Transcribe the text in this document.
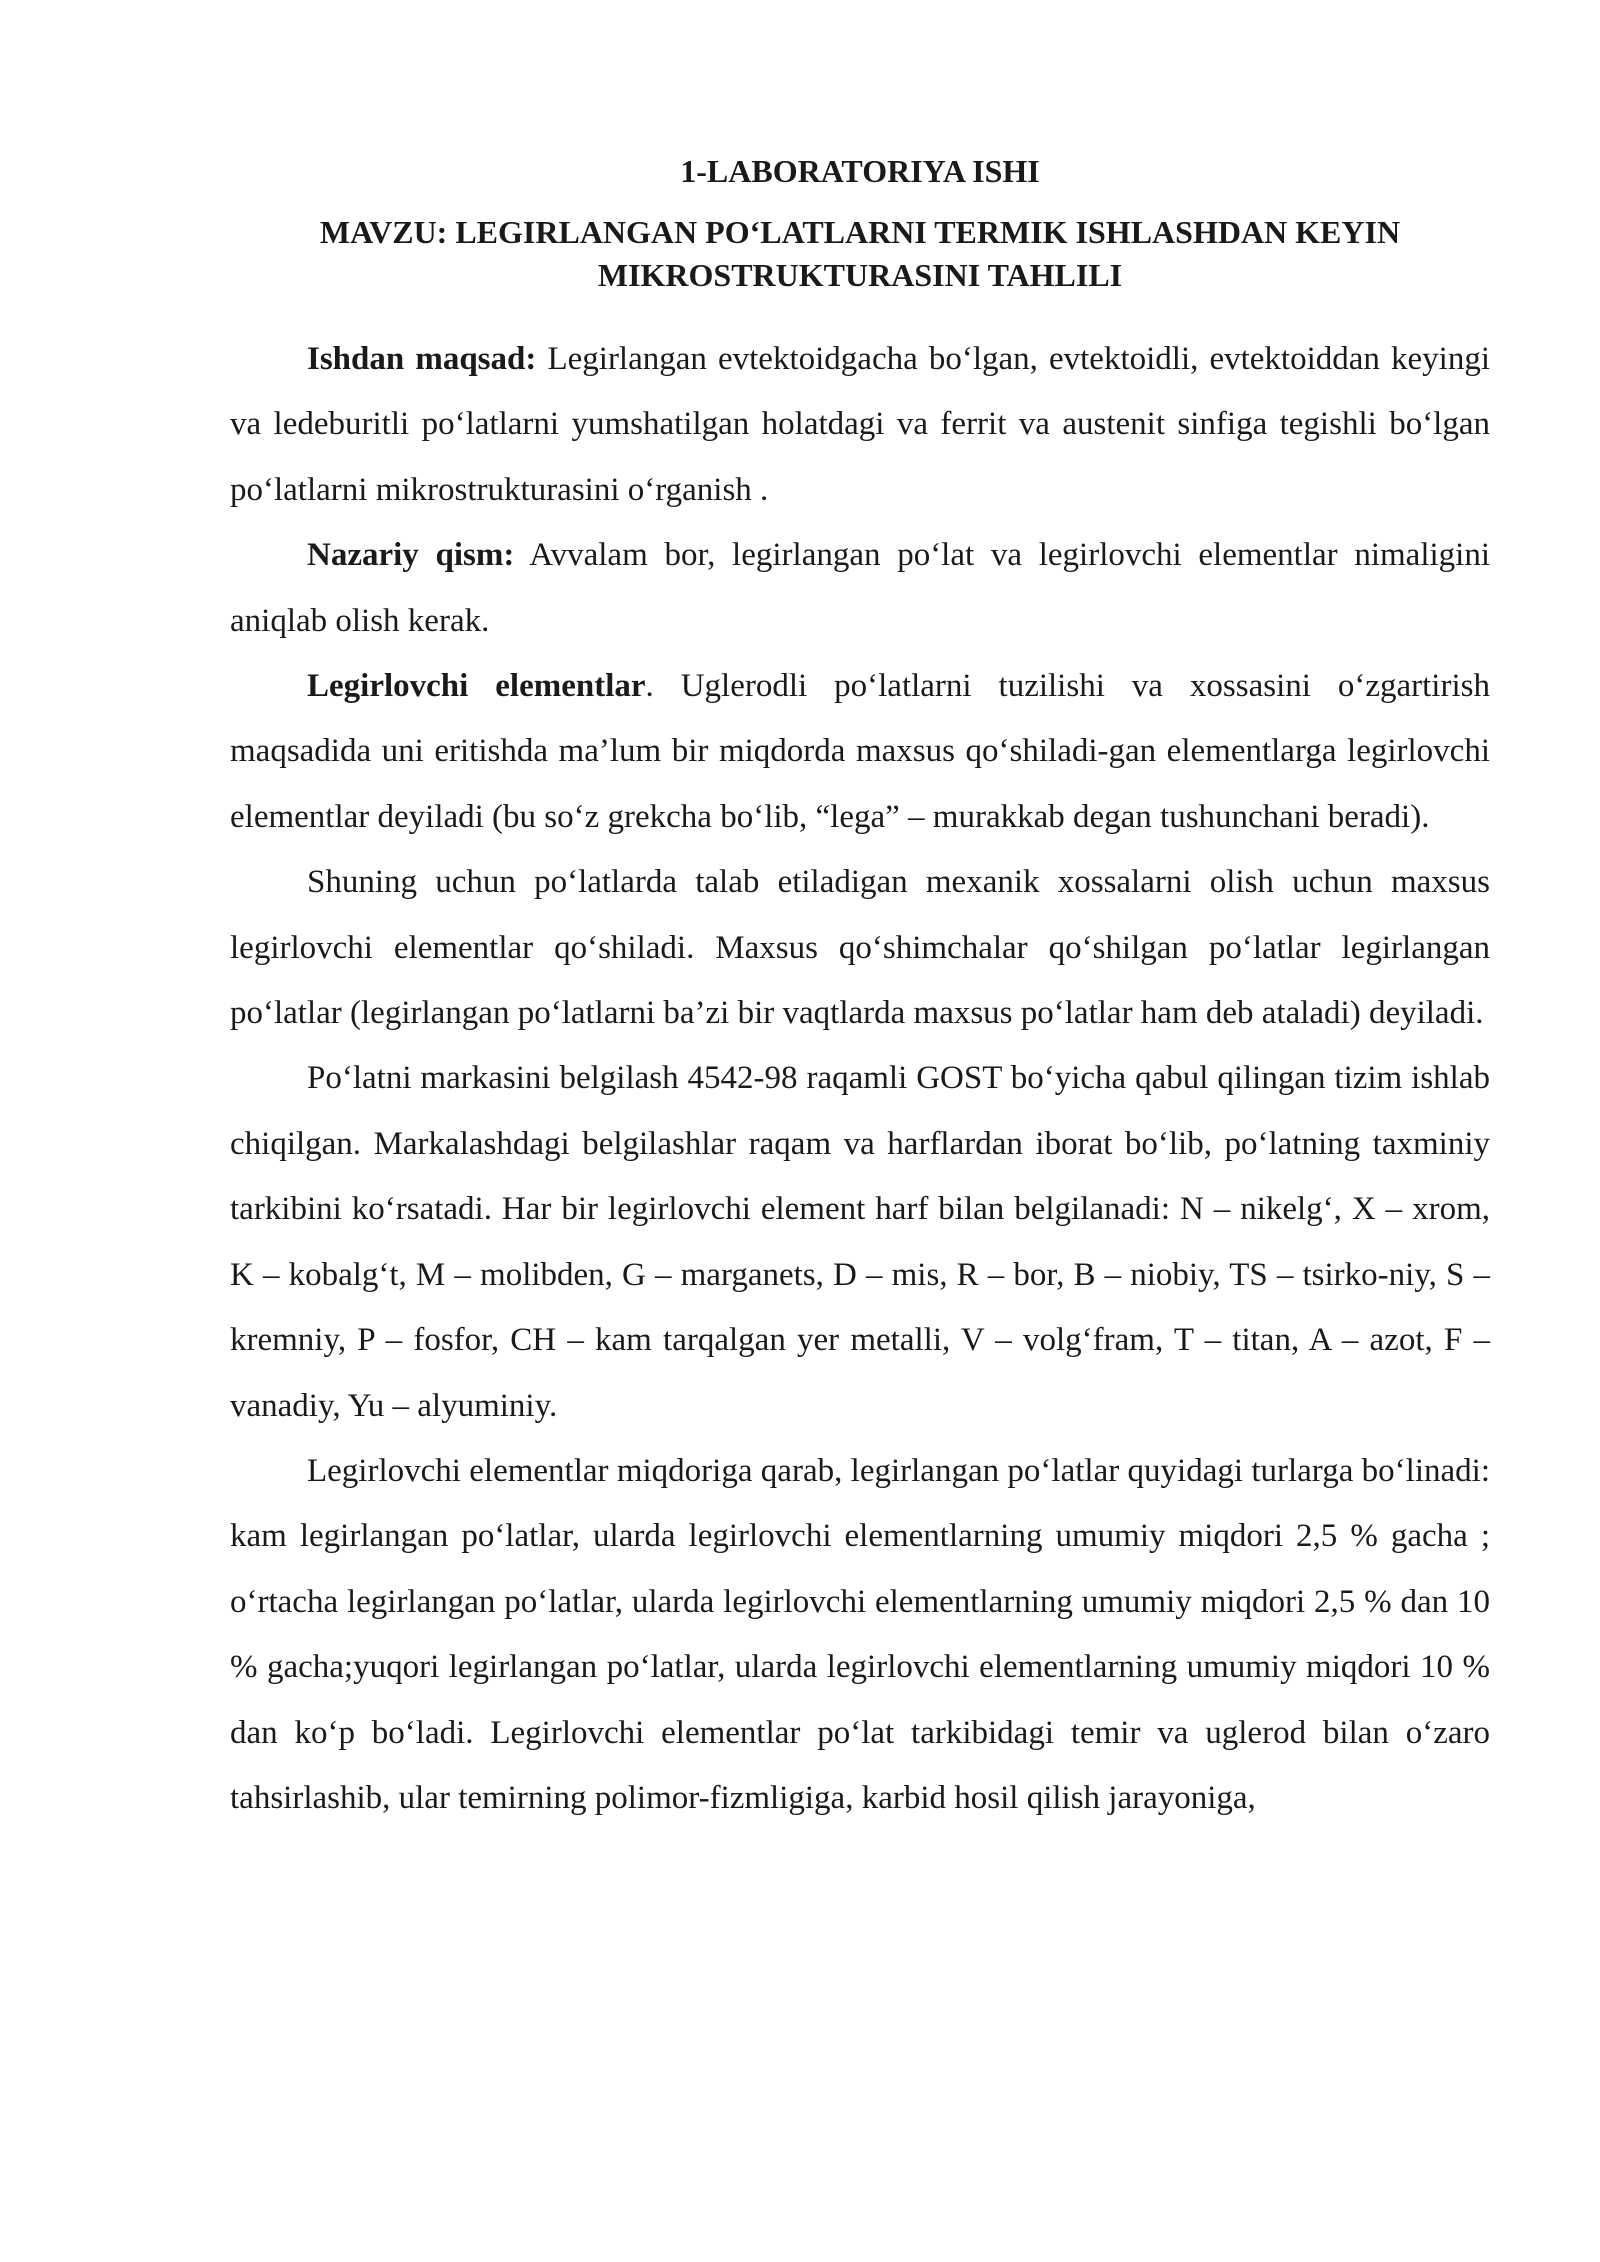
1-LABORATORIYA ISHI
MAVZU: LEGIRLANGAN PO‘LATLARNI TERMIK ISHLASHDAN KEYIN MIKROSTRUKTURASINI TAHLILI

Ishdan maqsad: Legirlangan evtektoidgacha bo‘lgan, evtektoidli, evtektoiddan keyingi va ledeburitli po‘latlarni yumshatilgan holatdagi va ferrit va austenit sinfiga tegishli bo‘lgan po‘latlarni mikrostrukturasini o‘rganish .

Nazariy qism: Avvalam bor, legirlangan po‘lat va legirlovchi elementlar nimaligini aniqlab olish kerak.

Legirlovchi elementlar. Uglerodli po‘latlarni tuzilishi va xossasini o‘zgartirish maqsadida uni eritishda ma’lum bir miqdorda maxsus qo‘shiladi-gan elementlarga legirlovchi elementlar deyiladi (bu so‘z grekcha bo‘lib, “lega” – murakkab degan tushunchani beradi).

Shuning uchun po‘latlarda talab etiladigan mexanik xossalarni olish uchun maxsus legirlovchi elementlar qo‘shiladi. Maxsus qo‘shimchalar qo‘shilgan po‘latlar legirlangan po‘latlar (legirlangan po‘latlarni ba’zi bir vaqtlarda maxsus po‘latlar ham deb ataladi) deyiladi.

Po‘latni markasini belgilash 4542-98 raqamli GOST bo‘yicha qabul qilingan tizim ishlab chiqilgan. Markalashdagi belgilashlar raqam va harflardan iborat bo‘lib, po‘latning taxminiy tarkibini ko‘rsatadi. Har bir legirlovchi element harf bilan belgilanadi: N – nikelg‘, X – xrom, K – kobalg‘t, M – molibden, G – marganets, D – mis, R – bor, B – niobiy, TS – tsirko-niy, S – kremniy, P – fosfor, CH – kam tarqalgan yer metalli, V – volg‘fram, T – titan, A – azot, F – vanadiy, Yu – alyuminiy.

Legirlovchi elementlar miqdoriga qarab, legirlangan po‘latlar quyidagi turlarga bo‘linadi: kam legirlangan po‘latlar, ularda legirlovchi elementlarning umumiy miqdori 2,5 % gacha ; o‘rtacha legirlangan po‘latlar, ularda legirlovchi elementlarning umumiy miqdori 2,5 % dan 10 % gacha;yuqori legirlangan po‘latlar, ularda legirlovchi elementlarning umumiy miqdori 10 % dan ko‘p bo‘ladi. Legirlovchi elementlar po‘lat tarkibidagi temir va uglerod bilan o‘zaro tahsirlashib, ular temirning polimor-fizmligiga, karbid hosil qilish jarayoniga,
